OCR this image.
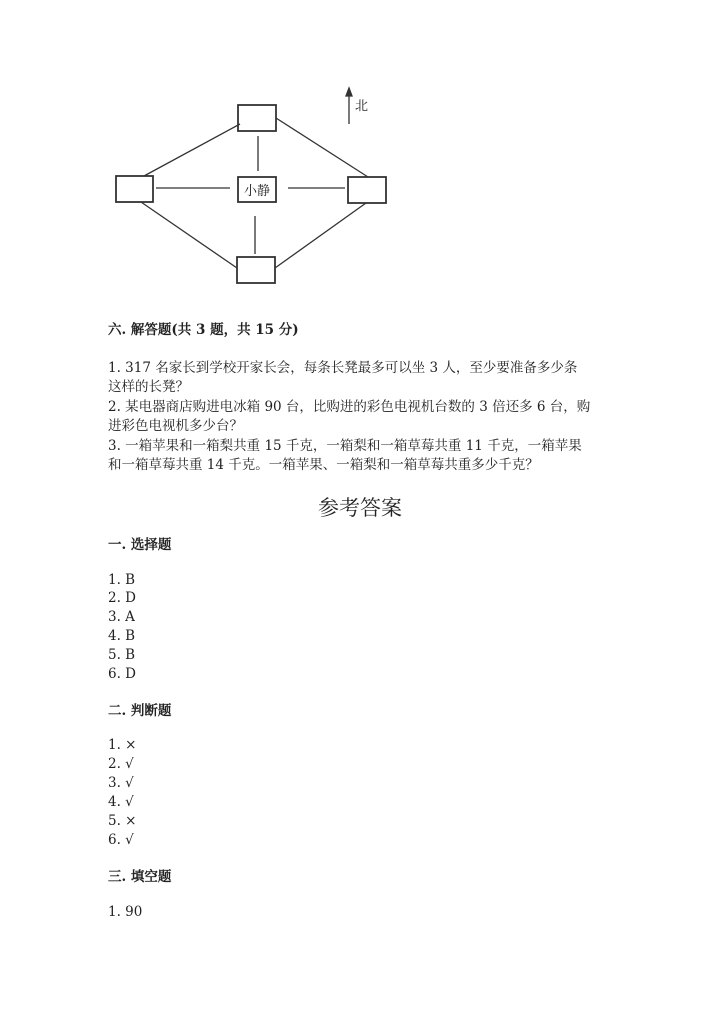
小静
北
六. 解答题(共 3 题，共 15 分)
1. 317 名家长到学校开家长会，每条长凳最多可以坐 3 人，至少要准备多少条
这样的长凳？
2. 某电器商店购进电冰箱 90 台，比购进的彩色电视机台数的 3 倍还多 6 台，购
进彩色电视机多少台？
3. 一箱苹果和一箱梨共重 15 千克，一箱梨和一箱草莓共重 11 千克，一箱苹果
和一箱草莓共重 14 千克。一箱苹果、一箱梨和一箱草莓共重多少千克？
参考答案
一. 选择题
1. B
2. D
3. A
4. B
5. B
6. D
二. 判断题
1. ×
2. √
3. √
4. √
5. ×
6. √
三. 填空题
1. 90
